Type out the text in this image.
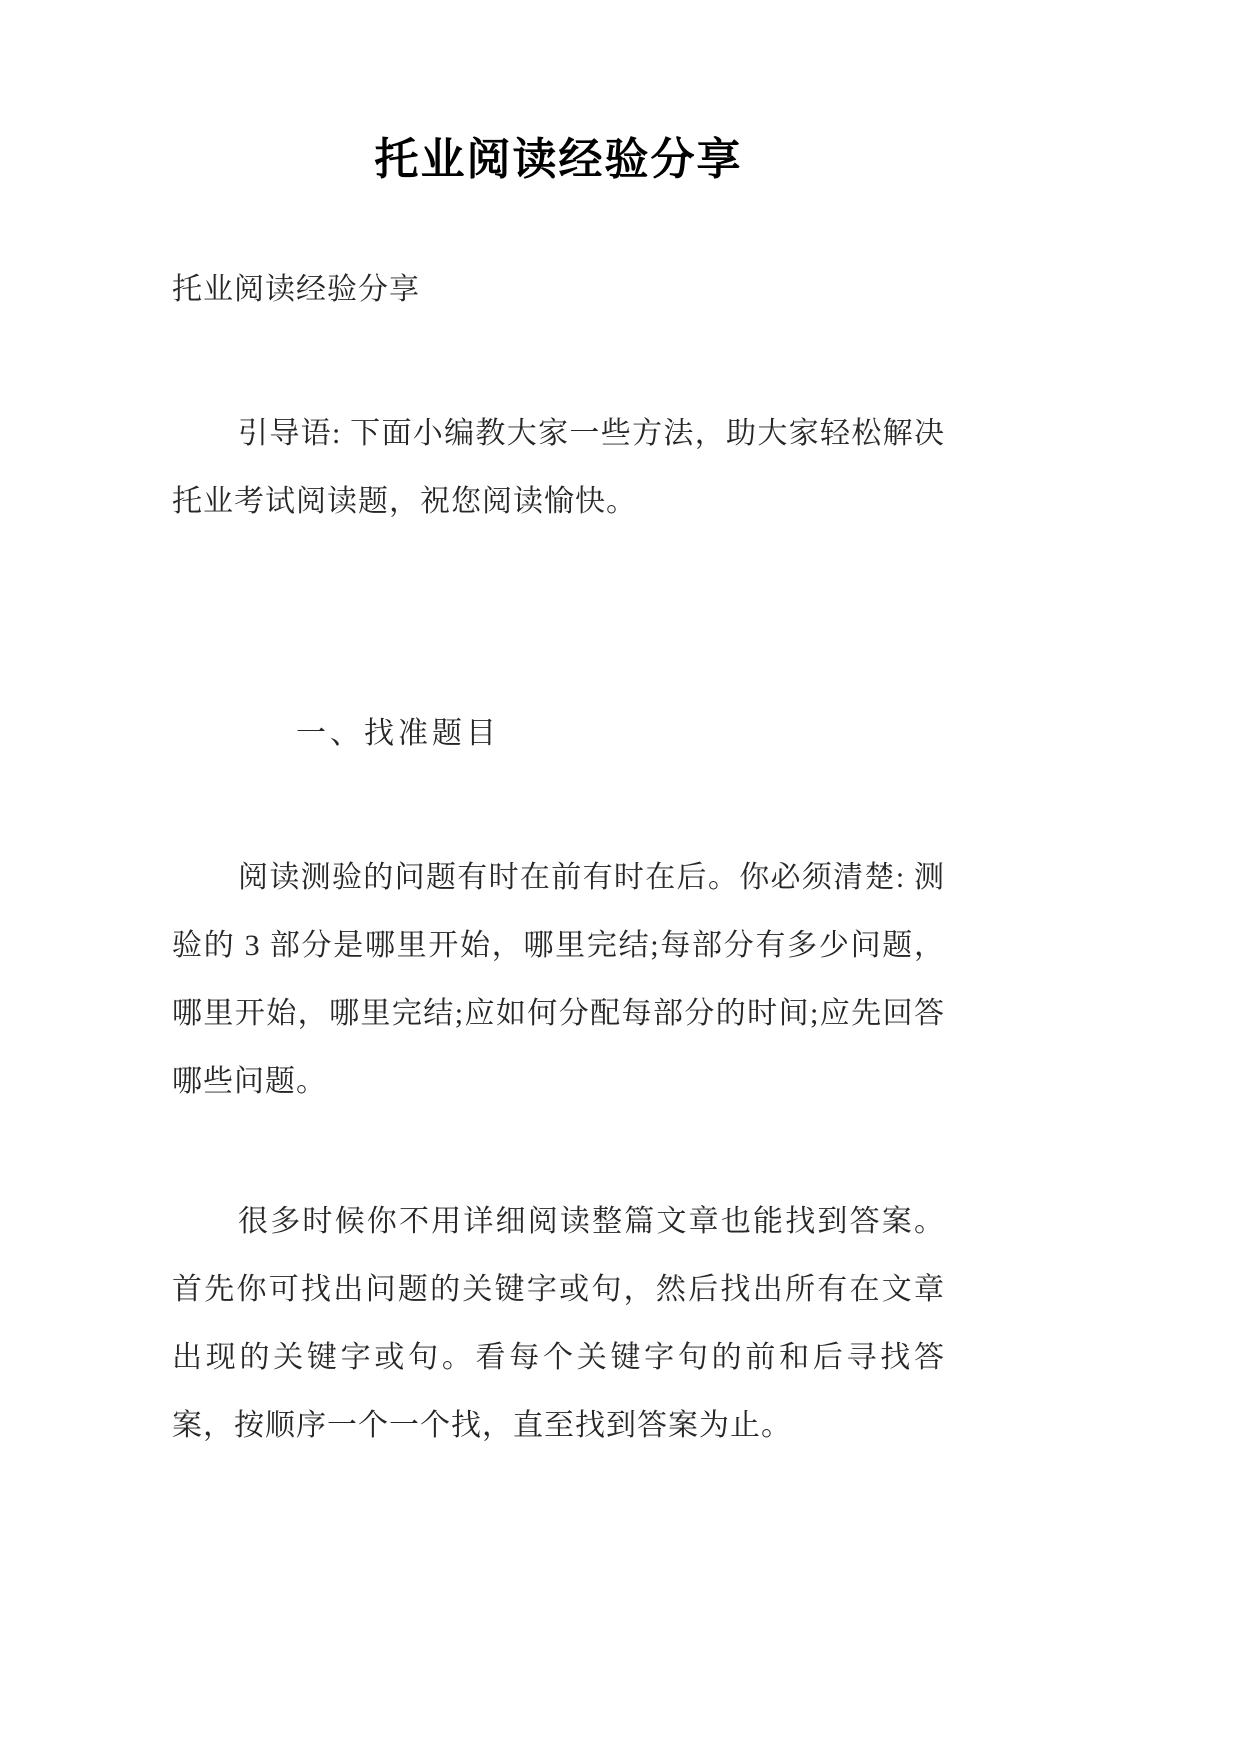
托业阅读经验分享

托业阅读经验分享

引导语: 下面小编教大家一些方法，助大家轻松解决托业考试阅读题，祝您阅读愉快。

一、找准题目

阅读测验的问题有时在前有时在后。你必须清楚: 测验的 3 部分是哪里开始，哪里完结;每部分有多少问题，哪里开始，哪里完结;应如何分配每部分的时间;应先回答哪些问题。

很多时候你不用详细阅读整篇文章也能找到答案。首先你可找出问题的关键字或句，然后找出所有在文章出现的关键字或句。看每个关键字句的前和后寻找答案，按顺序一个一个找，直至找到答案为止。
